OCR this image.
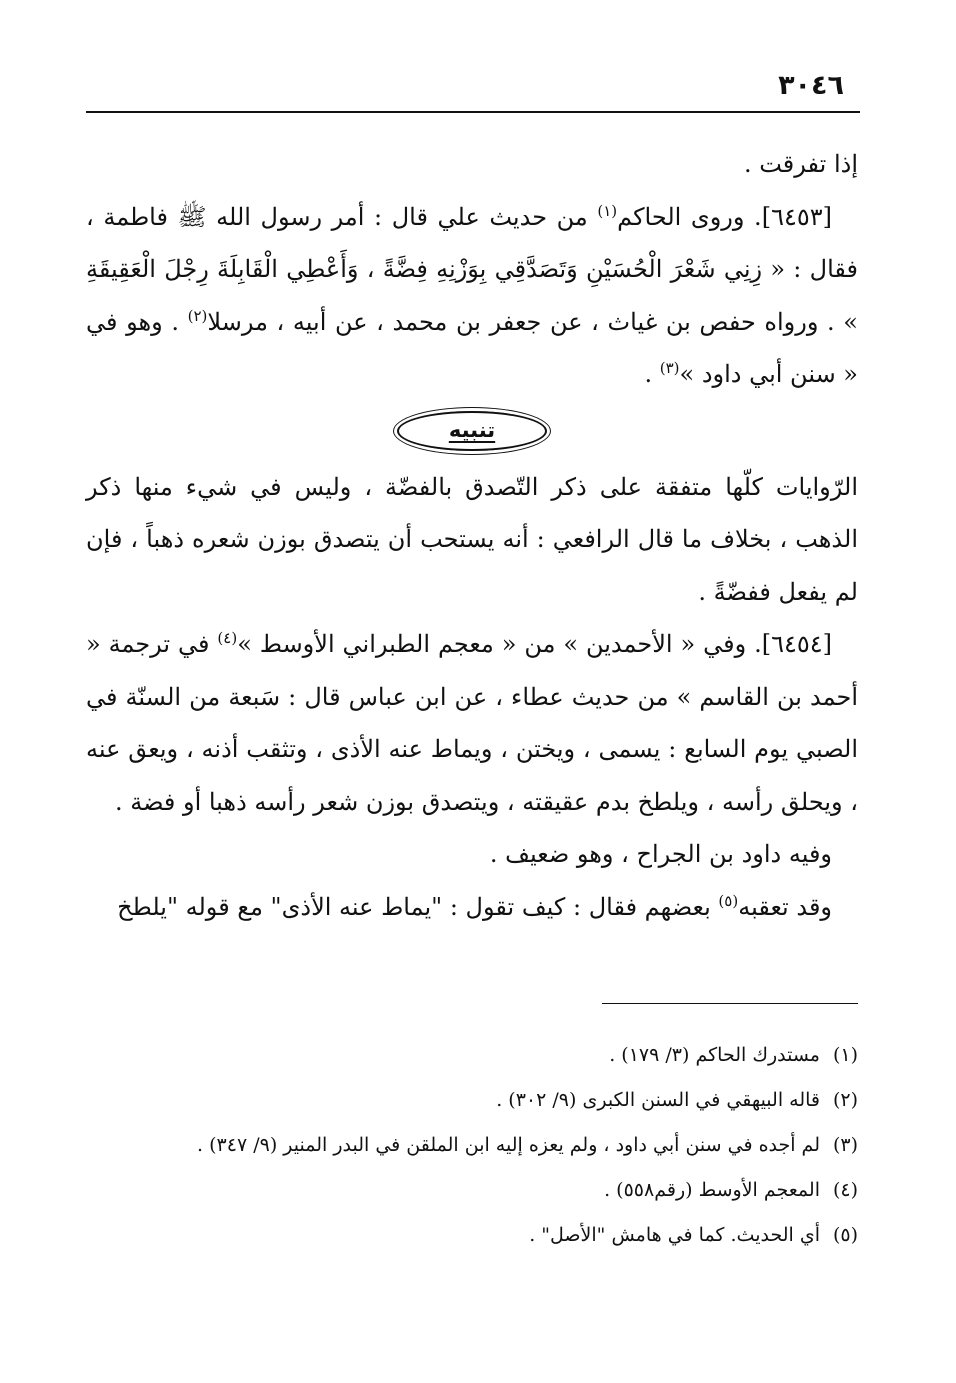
٣٠٤٦

إذا تفرقت .

[٦٤٥٣]. وروى الحاكم$^{(١)}$ من حديث علي قال : أمر رسول الله ﷺ فاطمة ، فقال : « زِنِي شَعْرَ الْحُسَيْنِ وَتَصَدَّقِي بِوَزْنِهِ فِضَّةً ، وَأَعْطِي الْقَابِلَةَ رِجْلَ الْعَقِيقَةِ » . ورواه حفص بن غياث ، عن جعفر بن محمد ، عن أبيه ، مرسلا$^{(٢)}$ . وهو في « سنن أبي داود »$^{(٣)}$ .

تنبيه

الرّوايات كلّها متفقة على ذكر التّصدق بالفضّة ، وليس في شيء منها ذكر الذهب ، بخلاف ما قال الرافعي : أنه يستحب أن يتصدق بوزن شعره ذهباً ، فإن لم يفعل ففضّةً .

[٦٤٥٤]. وفي « الأحمدين » من « معجم الطبراني الأوسط »$^{(٤)}$ في ترجمة « أحمد بن القاسم » من حديث عطاء ، عن ابن عباس قال : سَبعة من السنّة في الصبي يوم السابع : يسمى ، ويختن ، ويماط عنه الأذى ، وتثقب أذنه ، ويعق عنه ، ويحلق رأسه ، ويلطخ بدم عقيقته ، ويتصدق بوزن شعر رأسه ذهبا أو فضة .

وفيه داود بن الجراح ، وهو ضعيف .

وقد تعقبه$^{(٥)}$ بعضهم فقال : كيف تقول : "يماط عنه الأذى" مع قوله "يلطخ

(١)
مستدرك الحاكم (٣/ ١٧٩) .
(٢)
قاله البيهقي في السنن الكبرى (٩/ ٣٠٢) .
(٣)
لم أجده في سنن أبي داود ، ولم يعزه إليه ابن الملقن في البدر المنير (٩/ ٣٤٧) .
(٤)
المعجم الأوسط (رقم٥٥٨) .
(٥)
أي الحديث. كما في هامش "الأصل" .
